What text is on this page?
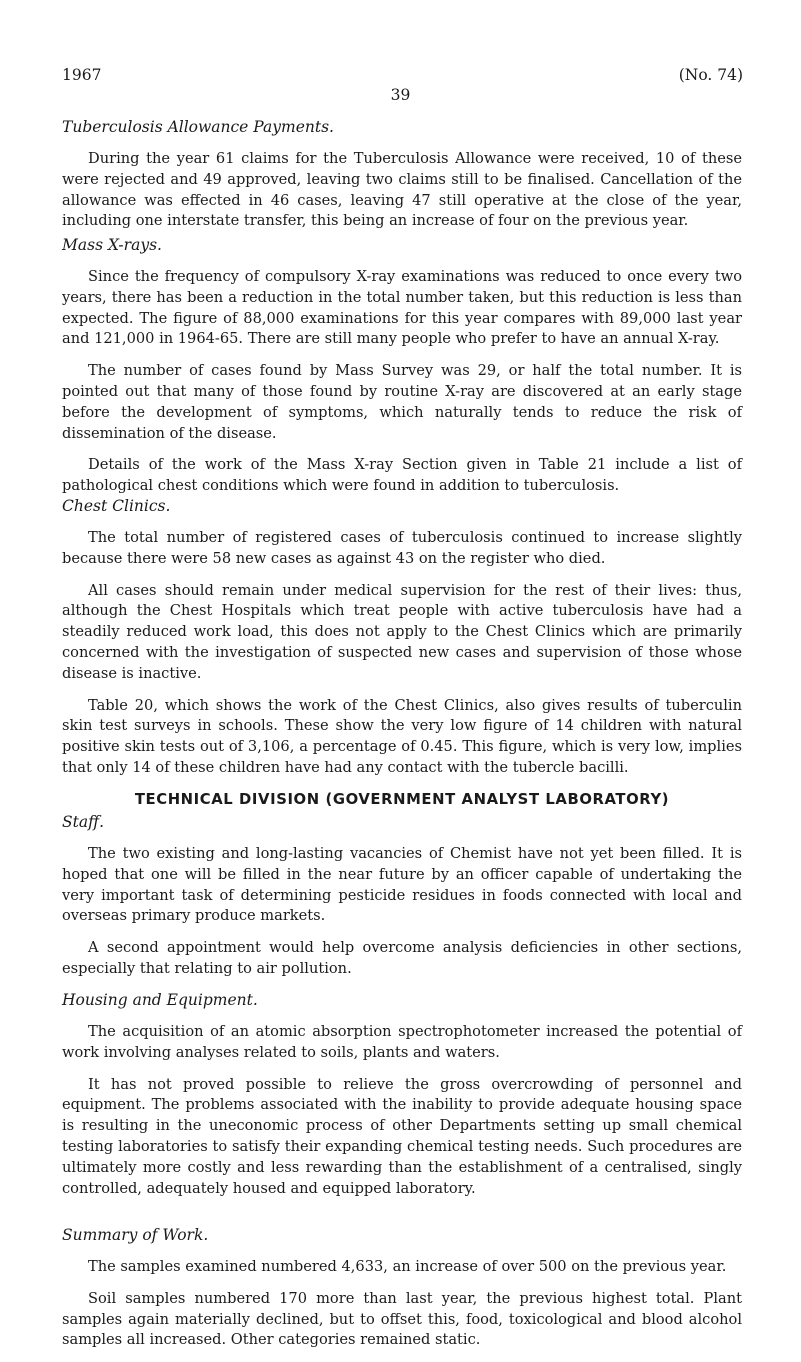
1967
39
(No. 74)
Tuberculosis Allowance Payments.

During the year 61 claims for the Tuberculosis Allowance were received, 10 of these were rejected and 49 approved, leaving two claims still to be finalised. Cancellation of the allowance was effected in 46 cases, leaving 47 still operative at the close of the year, including one interstate transfer, this being an increase of four on the previous year.

Mass X-rays.

Since the frequency of compulsory X-ray examinations was reduced to once every two years, there has been a reduction in the total number taken, but this reduction is less than expected. The figure of 88,000 examinations for this year compares with 89,000 last year and 121,000 in 1964-65. There are still many people who prefer to have an annual X-ray.

The number of cases found by Mass Survey was 29, or half the total number. It is pointed out that many of those found by routine X-ray are discovered at an early stage before the development of symptoms, which naturally tends to reduce the risk of dissemination of the disease.

Details of the work of the Mass X-ray Section given in Table 21 include a list of pathological chest conditions which were found in addition to tuberculosis.

Chest Clinics.

The total number of registered cases of tuberculosis continued to increase slightly because there were 58 new cases as against 43 on the register who died.

All cases should remain under medical supervision for the rest of their lives: thus, although the Chest Hospitals which treat people with active tuberculosis have had a steadily reduced work load, this does not apply to the Chest Clinics which are primarily concerned with the investigation of suspected new cases and supervision of those whose disease is inactive.

Table 20, which shows the work of the Chest Clinics, also gives results of tuberculin skin test surveys in schools. These show the very low figure of 14 children with natural positive skin tests out of 3,106, a percentage of 0.45. This figure, which is very low, implies that only 14 of these children have had any contact with the tubercle bacilli.

TECHNICAL DIVISION (GOVERNMENT ANALYST LABORATORY)
Staff.

The two existing and long-lasting vacancies of Chemist have not yet been filled. It is hoped that one will be filled in the near future by an officer capable of undertaking the very important task of determining pesticide residues in foods connected with local and overseas primary produce markets.

A second appointment would help overcome analysis deficiencies in other sections, especially that relating to air pollution.

Housing and Equipment.

The acquisition of an atomic absorption spectrophotometer increased the potential of work involving analyses related to soils, plants and waters.

It has not proved possible to relieve the gross overcrowding of personnel and equipment. The problems associated with the inability to provide adequate housing space is resulting in the uneconomic process of other Departments setting up small chemical testing laboratories to satisfy their expanding chemical testing needs. Such procedures are ultimately more costly and less rewarding than the establishment of a centralised, singly controlled, adequately housed and equipped laboratory.

Summary of Work.

The samples examined numbered 4,633, an increase of over 500 on the previous year.

Soil samples numbered 170 more than last year, the previous highest total. Plant samples again materially declined, but to offset this, food, toxicological and blood alcohol samples all increased. Other categories remained static.
